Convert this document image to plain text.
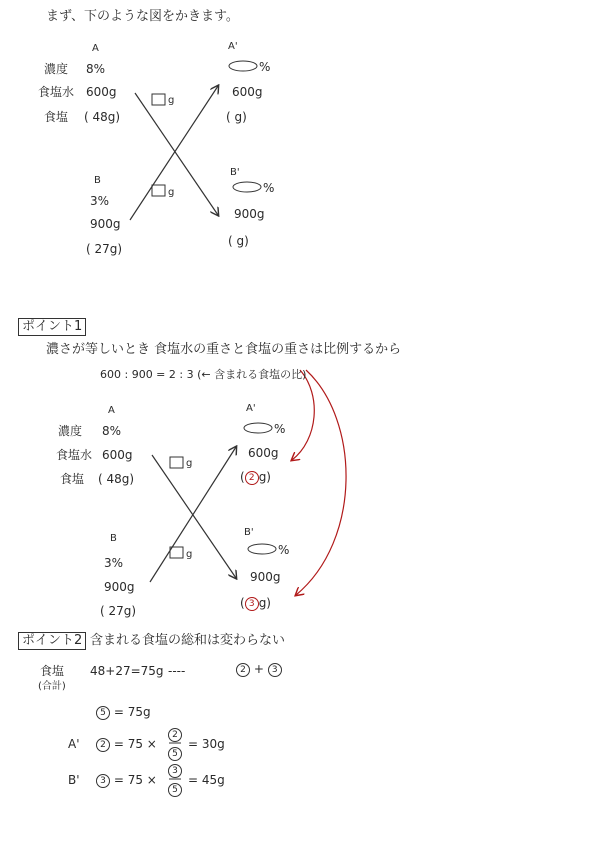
まず、下のような図をかきます。
A
濃度 8%
食塩水 600g
食塩 ( 48g)
g
g
A'
%
600g
( g)
B
3%
900g
( 27g)
B'
%
900g
( g)
ポイント1
濃さが等しいとき 食塩水の重さと食塩の重さは比例するから
600 : 900 = 2 : 3 (← 含まれる食塩の比)
A
濃度 8%
食塩水 600g
食塩 ( 48g)
g
g
A'
%
600g
( 2 g)
B
3%
900g
( 27g)
B'
%
900g
( 3 g)
ポイント2 含まれる食塩の総和は変わらない
食塩
(合計)
48+27=75g ----	2 + 3
5 = 75g
A'	2 = 75 ×
2
5
= 30g
B'	3 = 75 ×
3
5
= 45g
